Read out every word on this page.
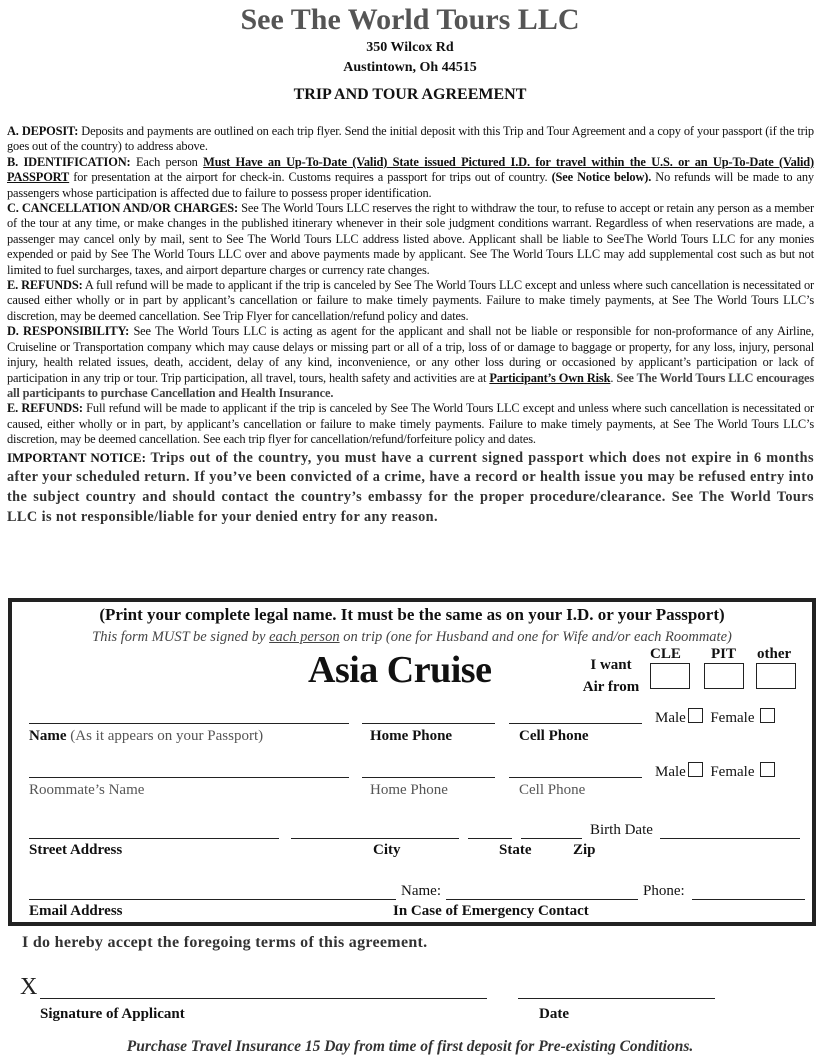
See The World Tours LLC
350 Wilcox Rd
Austintown, Oh 44515
TRIP AND TOUR AGREEMENT

A. DEPOSIT: Deposits and payments are outlined on each trip flyer. Send the initial deposit with this Trip and Tour Agreement and a copy of your passport (if the trip goes out of the country) to address above.

B. IDENTIFICATION: Each person Must Have an Up-To-Date (Valid) State issued Pictured I.D. for travel within the U.S. or an Up-To-Date (Valid) PASSPORT for presentation at the airport for check-in. Customs requires a passport for trips out of country. (See Notice below). No refunds will be made to any passengers whose participation is affected due to failure to possess proper identification.

C. CANCELLATION AND/OR CHARGES: See The World Tours LLC reserves the right to withdraw the tour, to refuse to accept or retain any person as a member of the tour at any time, or make changes in the published itinerary whenever in their sole judgment conditions warrant. Regardless of when reservations are made, a passenger may cancel only by mail, sent to See The World Tours LLC address listed above. Applicant shall be liable to SeeThe World Tours LLC for any monies expended or paid by See The World Tours LLC over and above payments made by applicant. See The World Tours LLC may add supplemental cost such as but not limited to fuel surcharges, taxes, and airport departure charges or currency rate changes.

E. REFUNDS: A full refund will be made to applicant if the trip is canceled by See The World Tours LLC except and unless where such cancellation is necessitated or caused either wholly or in part by applicant’s cancellation or failure to make timely payments. Failure to make timely payments, at See The World Tours LLC’s discretion, may be deemed cancellation. See Trip Flyer for cancellation/refund policy and dates.

D. RESPONSIBILITY: See The World Tours LLC is acting as agent for the applicant and shall not be liable or responsible for non-proformance of any Airline, Cruiseline or Transportation company which may cause delays or missing part or all of a trip, loss of or damage to baggage or property, for any loss, injury, personal injury, health related issues, death, accident, delay of any kind, inconvenience, or any other loss during or occasioned by applicant’s participation or lack of participation in any trip or tour. Trip participation, all travel, tours, health safety and activities are at Participant’s Own Risk. See The World Tours LLC encourages all participants to purchase Cancellation and Health Insurance.

E. REFUNDS: Full refund will be made to applicant if the trip is canceled by See The World Tours LLC except and unless where such cancellation is necessitated or caused, either wholly or in part, by applicant’s cancellation or failure to make timely payments. Failure to make timely payments, at See The World Tours LLC’s discretion, may be deemed cancellation. See each trip flyer for cancellation/refund/forfeiture policy and dates.

IMPORTANT NOTICE: Trips out of the country, you must have a current signed passport which does not expire in 6 months after your scheduled return. If you’ve been convicted of a crime, have a record or health issue you may be refused entry into the subject country and should contact the country’s embassy for the proper procedure/clearance. See The World Tours LLC is not responsible/liable for your denied entry for any reason.

(Print your complete legal name. It must be the same as on your I.D. or your Passport)
This form MUST be signed by each person on trip (one for Husband and one for Wife and/or each Roommate)
Asia Cruise	I want
Air from
CLE PIT other
Male Female
Name (As it appears on your Passport)	Home Phone	Cell Phone
Male Female
Roommate’s Name	Home Phone	Cell Phone
Birth Date
Street Address	City	State	Zip
Name:	Phone:
Email Address	In Case of Emergency Contact
I do hereby accept the foregoing terms of this agreement.
X
Signature of Applicant	Date
Purchase Travel Insurance 15 Day from time of first deposit for Pre-existing Conditions.
